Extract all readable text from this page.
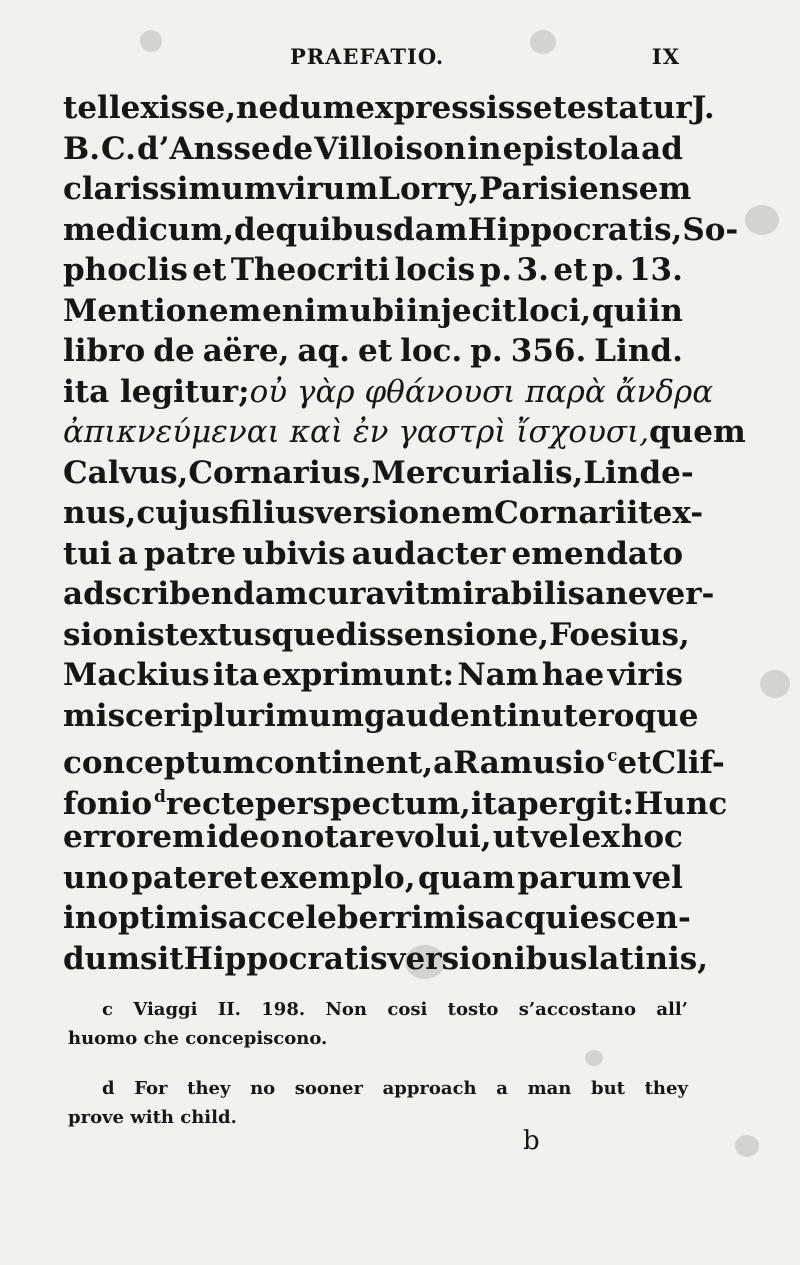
PRAEFATIO.	IX
tellexisse, nedum expressisse testatur J.
B. C. d’Ansse de Villoison in epistola ad
clarissimum virum Lorry, Parisiensem
medicum, de quibusdam Hippocratis, So-
phoclis et Theocriti locis p. 3. et p. 13.
Mentionem enim ubi injecit loci, qui in
libro de aëre, aq. et loc. p. 356. Lind.
ita legitur; οὐ γὰρ φθάνουσι παρὰ ἄνδρα
ἀπικνεύμεναι καὶ ἐν γαστρὶ ἴσχουσι, quem
Calvus, Cornarius, Mercurialis, Linde-
nus, cujus filius versionem Cornarii tex-
tui a patre ubivis audacter emendato
adscribendam curavit mirabili sane ver-
sionis textusque dissensione, Foesius,
Mackius ita exprimunt: Nam hae viris
misceri plurimum gaudent in uteroque
conceptum continent, a Ramusio c et Clif-
fonio d recte perspectum, ita pergit: Hunc
errorem ideo notare volui, ut vel ex hoc
uno pateret exemplo, quam parum vel
in optimis ac celeberrimis acquiescen-
dum sit Hippocratis versionibus latinis,
c Viaggi II. 198. Non cosi tosto s’accostano all’
huomo che concepiscono.
d For they no sooner approach a man but they
prove with child.
b
